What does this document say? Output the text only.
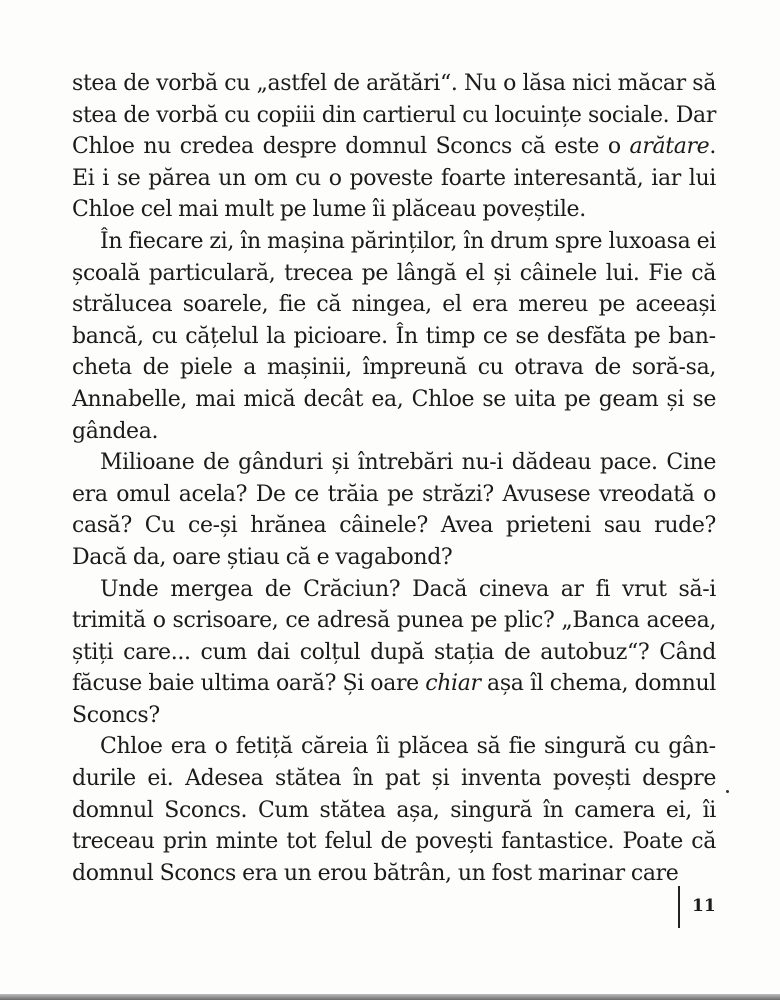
stea de vorbă cu „astfel de arătări“. Nu o lăsa nici măcar să stea de vorbă cu copiii din cartierul cu locuințe sociale. Dar Chloe nu credea despre domnul Sconcs că este o arătare. Ei i se părea un om cu o poveste foarte interesantă, iar lui Chloe cel mai mult pe lume îi plăceau poveștile.

În fiecare zi, în mașina părinților, în drum spre luxoasa ei școală particulară, trecea pe lângă el și câinele lui. Fie că strălucea soarele, fie că ningea, el era mereu pe aceeași bancă, cu cățelul la picioare. În timp ce se desfăta pe bancheta de piele a mașinii, împreună cu otrava de soră-sa, Annabelle, mai mică decât ea, Chloe se uita pe geam și se gândea.

Milioane de gânduri și întrebări nu-i dădeau pace. Cine era omul acela? De ce trăia pe străzi? Avusese vreodată o casă? Cu ce-și hrănea câinele? Avea prieteni sau rude? Dacă da, oare știau că e vagabond?

Unde mergea de Crăciun? Dacă cineva ar fi vrut să-i trimită o scrisoare, ce adresă punea pe plic? „Banca aceea, știți care... cum dai colțul după stația de autobuz“? Când făcuse baie ultima oară? Și oare chiar așa îl chema, domnul Sconcs?

Chloe era o fetiță căreia îi plăcea să fie singură cu gândurile ei. Adesea stătea în pat și inventa povești despre domnul Sconcs. Cum stătea așa, singură în camera ei, îi treceau prin minte tot felul de povești fantastice. Poate că domnul Sconcs era un erou bătrân, un fost marinar care

11
